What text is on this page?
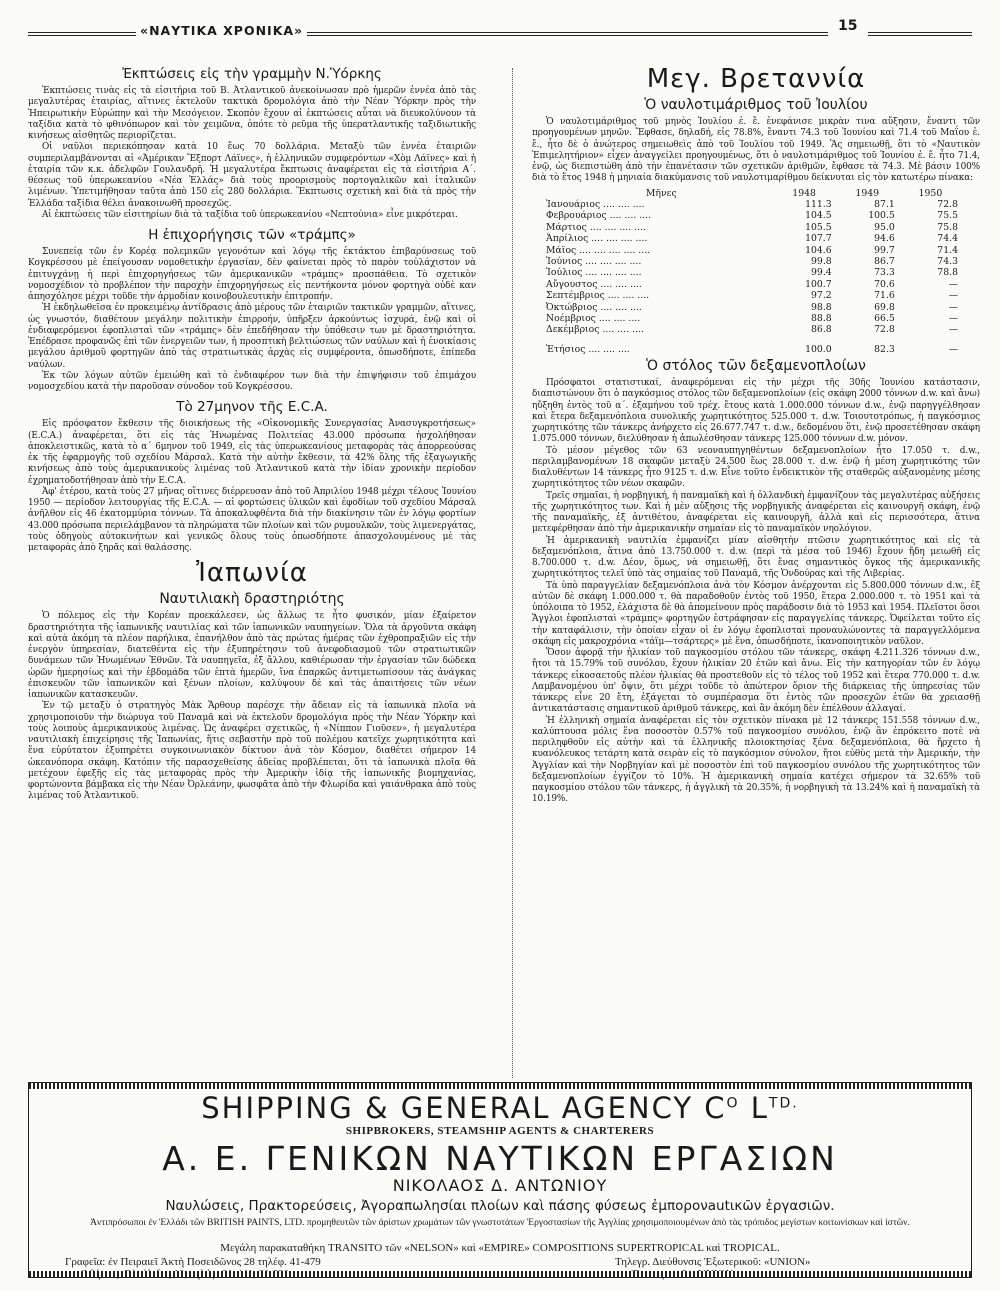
«ΝΑΥΤΙΚΑ ΧΡΟΝΙΚΑ»	15
Ἐκπτώσεις εἰς τὴν γραμμὴν Ν.Ὑόρκης

Ἐκπτώσεις τινὰς εἰς τὰ εἰσιτήρια τοῦ Β. Ἀτλαντικοῦ ἀνεκοίνωσαν πρὸ ἡμερῶν ἐννέα ἀπὸ τὰς μεγαλυτέρας ἑταιρίας, αἵτινες ἐκτελοῦν τακτικὰ δρομολόγια ἀπὸ τὴν Νέαν Ὑόρκην πρὸς τὴν Ἠπειρωτικὴν Εὐρώπην καὶ τὴν Μεσόγειον. Σκοπὸν ἔχουν αἱ ἐκπτώσεις αὗται νὰ διευκολύνουν τὰ ταξίδια κατὰ τὸ φθινόπωρον καὶ τὸν χειμῶνα, ὁπότε τὸ ρεῦμα τῆς ὑπερατλαντικῆς ταξιδιωτικῆς κινήσεως αἰσθητῶς περιορίζεται.

Οἱ ναῦλοι περιεκόπησαν κατὰ 10 ἕως 70 δολλάρια. Μεταξὺ τῶν ἐννέα ἑταιριῶν συμπεριλαμβάνονται αἱ «Ἀμέρικαν Ἔξπορτ Λάϊνες», ἡ ἑλληνικῶν συμφερόντων «Χὸμ Λάϊνες» καὶ ἡ ἑταιρία τῶν κ.κ. ἀδελφῶν Γουλανδρῆ. Ἡ μεγαλυτέρα ἔκπτωσις ἀναφέρεται εἰς τὰ εἰσιτήρια Α΄. θέσεως τοῦ ὑπερωκεανίου «Νέα Ἑλλάς» διὰ τοὺς προορισμοὺς πορτογαλικῶν καὶ ἰταλικῶν λιμένων. Ὑπετιμήθησαν ταῦτα ἀπὸ 150 εἰς 280 δολλάρια. Ἔκπτωσις σχετικὴ καὶ διὰ τὰ πρὸς τὴν Ἑλλάδα ταξίδια θέλει ἀνακοινωθῆ προσεχῶς.

Αἱ ἐκπτώσεις τῶν εἰσιτηρίων διὰ τὰ ταξίδια τοῦ ὑπερωκεανίου «Νεπτούνια» εἶνε μικρότεραι.

Η ἐπιχορήγησις τῶν «τράμπς»

Συνεπείᾳ τῶν ἐν Κορέᾳ πολεμικῶν γεγονότων καὶ λόγῳ τῆς ἐκτάκτου ἐπιβαρύνσεως τοῦ Κογκρέσσου μὲ ἐπείγουσαν νομοθετικὴν ἐργασίαν, δὲν φαίνεται πρὸς τὸ παρὸν τοὐλάχιστον νὰ ἐπιτυγχάνῃ ἡ περὶ ἐπιχορηγήσεως τῶν ἀμερικανικῶν «τράμπς» προσπάθεια. Τὸ σχετικὸν νομοσχέδιον τὸ προβλέπον τὴν παροχὴν ἐπιχορηγήσεως εἰς πεντήκοντα μόνον φορτηγὰ οὐδὲ καν ἀπησχόλησε μέχρι τοῦδε τὴν ἁρμοδίαν κοινοβουλευτικὴν ἐπιτροπήν.

Ἡ ἐκδηλωθεῖσα ἐν προκειμένῳ ἀντίδρασις ἀπὸ μέρους τῶν ἑταιριῶν τακτικῶν γραμμῶν, αἵτινες, ὡς γνωστόν, διαθέτουν μεγάλην πολιτικὴν ἐπιρροήν, ὑπῆρξεν ἀρκούντως ἰσχυρά, ἐνῷ καὶ οἱ ἐνδιαφερόμενοι ἐφοπλισταὶ τῶν «τράμπς» δὲν ἐπεδήθησαν τὴν ὑπόθεσιν των μὲ δραστηριότητα. Ἐπέδρασε προφανῶς ἐπὶ τῶν ἐνεργειῶν των, ἡ προσπτικὴ βελτιώσεως τῶν ναύλων καὶ ἡ ἐνοικίασις μεγάλου ἀριθμοῦ φορτηγῶν ἀπὸ τὰς στρατιωτικὰς ἀρχὰς εἰς συμφέροντα, ὁπωσδήποτε, ἐπίπεδα ναύλων.

Ἐκ τῶν λόγων αὐτῶν ἐμειώθη καὶ τὸ ἐνδιαφέρον των διὰ τὴν ἐπιψήφισιν τοῦ ἐπιμάχου νομοσχεδίου κατὰ τὴν παροῦσαν σύνοδον τοῦ Κογκρέσσου.

Τὸ 27μηνον τῆς E.C.A.

Εἰς πρόσφατον ἔκθεσιν τῆς διοικήσεως τῆς «Οἰκονομικῆς Συνεργασίας Ἀνασυγκροτήσεως» (E.C.A.) ἀναφέρεται, ὅτι εἰς τὰς Ἡνωμένας Πολιτείας 43.000 πρόσωπα ἠσχολήθησαν ἀποκλειστικῶς, κατὰ τὸ α΄ 6μηνον τοῦ 1949, εἰς τὰς ὑπερωκεανίους μεταφορὰς τὰς ἀπορρεούσας ἐκ τῆς ἐφαρμογῆς τοῦ σχεδίου Μάρσαλ. Κατὰ τὴν αὐτὴν ἔκθεσιν, τὰ 42% ὅλης τῆς ἐξαγωγικῆς κινήσεως ἀπὸ τοὺς ἀμερικανικοὺς λιμένας τοῦ Ἀτλαντικοῦ κατὰ τὴν ἰδίαν χρονικὴν περίοδον ἐχρηματοδοτήθησαν ἀπὸ τὴν E.C.A.

Ἀφ' ἑτέρου, κατὰ τοὺς 27 μῆνας οἵτινες διέρρευσαν ἀπὸ τοῦ Ἀπριλίου 1948 μέχρι τέλους Ἰουνίου 1950 — περίοδον λειτουργίας τῆς E.C.A. — αἱ φορτώσεις ὑλικῶν καὶ ἐφοδίων τοῦ σχεδίου Μάρσαλ ἀνῆλθον εἰς 46 ἑκατομμύρια τόννων. Τὰ ἀποκαλυφθέντα διὰ τὴν διακίνησιν τῶν ἐν λόγῳ φορτίων 43.000 πρόσωπα περιελάμβανον τὰ πληρώματα τῶν πλοίων καὶ τῶν ρυμουλκῶν, τοὺς λιμενεργάτας, τοὺς ὁδηγοὺς αὐτοκινήτων καὶ γενικῶς ὅλους τοὺς ὁπωσδήποτε ἀπασχολουμένους μὲ τὰς μεταφορὰς ἀπὸ ξηρᾶς καὶ θαλάσσης.

Ἰαπωνία
Ναυτιλιακὴ δραστηριότης

Ὁ πόλεμος εἰς τὴν Κορέαν προεκάλεσεν, ὡς ἄλλως τε ἦτο φυσικόν, μίαν ἐξαίρετον δραστηριότητα τῆς ἰαπωνικῆς ναυτιλίας καὶ τῶν ἰαπωνικῶν ναυπηγείων. Ὅλα τὰ ἀργοῦντα σκάφη καὶ αὐτὰ ἀκόμη τὰ πλέον παρήλικα, ἐπανήλθον ἀπὸ τὰς πρώτας ἡμέρας τῶν ἐχθροπραξιῶν εἰς τὴν ἐνεργὸν ὑπηρεσίαν, διατεθέντα εἰς τὴν ἐξυπηρέτησιν τοῦ ἀνεφοδιασμοῦ τῶν στρατιωτικῶν δυνάμεων τῶν Ἡνωμένων Ἐθνῶν. Τὰ ναυπηγεῖα, ἐξ ἄλλου, καθιέρωσαν τὴν ἐργασίαν τῶν δώδεκα ὡρῶν ἡμερησίως καὶ τὴν ἑβδομάδα τῶν ἑπτὰ ἡμερῶν, ἵνα ἐπαρκῶς ἀντιμετωπίσουν τὰς ἀνάγκας ἐπισκευῶν τῶν ἰαπωνικῶν καὶ ξένων πλοίων, καλύψουν δὲ καὶ τὰς ἀπαιτήσεις τῶν νέων ἰαπωνικῶν κατασκευῶν.

Ἐν τῷ μεταξὺ ὁ στρατηγὸς Μὰκ Ἄρθουρ παρέσχε τὴν ἄδειαν εἰς τὰ ἰαπωνικὰ πλοῖα νὰ χρησιμοποιοῦν τὴν διώρυγα τοῦ Παναμᾶ καὶ νὰ ἐκτελοῦν δρομολόγια πρὸς τὴν Νέαν Ὑόρκην καὶ τοὺς λοιποὺς ἀμερικανικοὺς λιμένας. Ὡς ἀναφέρει σχετικῶς, ἡ «Νίππον Γιοῦσεν», ἡ μεγαλυτέρα ναυτιλιακὴ ἐπιχείρησις τῆς Ἰαπωνίας, ἥτις σεβαστὴν πρὸ τοῦ πολέμου κατεῖχε χωρητικότητα καὶ ἕνα εὐρύτατον ἐξυπηρέτει συγκοινωνιακὸν δίκτυον ἀνὰ τὸν Κόσμον, διαθέτει σήμερον 14 ὠκεανόπορα σκάφη. Κατόπιν τῆς παρασχεθείσης ἀδείας προβλέπεται, ὅτι τὰ ἰαπωνικὰ πλοῖα θὰ μετέχουν ἐφεξῆς εἰς τὰς μεταφορὰς πρὸς τὴν Ἀμερικὴν ἰδίᾳ τῆς ἰαπωνικῆς βιομηχανίας, φορτώνοντα βάμβακα εἰς τὴν Νέαν Ὀρλεάνην, φωσφᾶτα ἀπὸ τὴν Φλωρίδα καὶ γαιάνθρακα ἀπὸ τοὺς λιμένας τοῦ Ἀτλαντικοῦ.

Μεγ. Βρεταννία
Ὁ ναυλοτιμάριθμος τοῦ Ἰουλίου

Ὁ ναυλοτιμάριθμος τοῦ μηνὸς Ἰουλίου ἐ. ἔ. ἐνεφάνισε μικρὰν τινα αὔξησιν, ἔναντι τῶν προηγουμένων μηνῶν. Ἔφθασε, δηλαδή, εἰς 78.8%, ἔναντι 74.3 τοῦ Ἰουνίου καὶ 71.4 τοῦ Μαΐου ἐ. ἔ., ἦτο δὲ ὁ ἀνώτερος σημειωθεὶς ἀπὸ τοῦ Ἰουλίου τοῦ 1949. Ἂς σημειωθῇ, ὅτι τὸ «Ναυτικὸν Ἐπιμελητήριον» εἶχεν ἀναγγείλει προηγουμένως, ὅτι ὁ ναυλοτιμάριθμος τοῦ Ἰουνίου ἐ. ἔ. ἦτο 71.4, ἐνῷ, ὡς διεπιστώθη ἀπὸ τὴν ἐπανέτασιν τῶν σχετικῶν ἀριθμῶν, ἔφθασε τὰ 74.3. Μὲ βάσιν 100% διὰ τὸ ἔτος 1948 ἡ μηνιαία διακύμανσις τοῦ ναυλοτιμαρίθμου δείκνυται εἰς τὸν κατωτέρω πίνακα:

Μῆνες	1948	1949	1950
Ἰανουάριος .... .... ....	111.3	87.1	72.8
Φεβρουάριος .... .... ....	104.5	100.5	75.5
Μάρτιος .... .... .... ....	105.5	95.0	75.8
Ἀπρίλιος .... .... .... ....	107.7	94.6	74.4
Μάϊος .... .... .... .... ....	104.6	99.7	71.4
Ἰούνιος .... .... .... ....	99.8	86.7	74.3
Ἰούλιος .... .... .... ....	99.4	73.3	78.8
Αὔγουστος .... .... ....	100.7	70.6	—
Σεπτέμβριος .... .... ....	97.2	71.6	—
Ὀκτώβριος .... .... ....	98.8	69.8	—
Νοέμβριος .... .... ....	88.8	66.5	—
Δεκέμβριος .... .... ....	86.8	72.8	—
Ἐτήσιος .... .... ....	100.0	82.3	—
Ὁ στόλος τῶν δεξαμενοπλοίων

Πρόσφατοι στατιστικαί, ἀναφερόμεναι εἰς τὴν μέχρι τῆς 30ῆς Ἰουνίου κατάστασιν, διαπιστώνουν ὅτι ὁ παγκόσμιος στόλος τῶν δεξαμενοπλοίων (εἰς σκάφη 2000 τόννων d.w. καὶ ἄνω) ηὔξηθη ἐντὸς τοῦ α΄. ἑξαμήνου τοῦ τρέχ. ἔτους κατὰ 1.000.000 τόννων d.w., ἐνῷ παρηγγέλθησαν καὶ ἕτερα δεξαμενόπλοια συνολικῆς χωρητικότητος 525.000 τ. d.w. Τοιουτοτρόπως, ἡ παγκόσμιος χωρητικότης τῶν τάνκερς ἀνήρχετο εἰς 26.677.747 τ. d.w., δεδομένου ὅτι, ἐνῷ προσετέθησαν σκάφη 1.075.000 τόννων, διελύθησαν ἡ ἀπωλέσθησαν τάνκερς 125.000 τόννων d.w. μόνον.

Τὸ μέσον μέγεθος τῶν 63 νεοναυπηγηθέντων δεξαμενοπλοίων ἦτο 17.050 τ. d.w., περιλαμβανομένων 18 σκαφῶν μεταξὺ 24.500 ἕως 28.000 τ. d.w. ἐνῷ ἡ μέση χωρητικότης τῶν διαλυθέντων 14 τάνκερς ἦτο 9125 τ. d.w. Εἶνε τοῦτο ἐνδεικτικὸν τῆς σταθερῶς αὐξανομένης μέσης χωρητικότητος τῶν νέων σκαφῶν.

Τρεῖς σημαῖαι, ἡ νορβηγική, ἡ παναμαϊκὴ καὶ ἡ ὀλλανδικὴ ἐμφανίζουν τὰς μεγαλυτέρας αὐξήσεις τῆς χωρητικότητος των. Καὶ ἡ μὲν αὔξησις τῆς νορβηγικῆς ἀναφέρεται εἰς καινουργῆ σκάφη, ἐνῷ τῆς παναμαϊκῆς, ἐξ ἀντιθέτου, ἀναφέρεται εἰς καινουργῆ, ἀλλὰ καὶ εἰς περισσότερα, ἅτινα μετεφέρθησαν ἀπὸ τὴν ἀμερικανικὴν σημαίαν εἰς τὸ παναμαϊκὸν νηολόγιον.

Ἡ ἀμερικανικὴ ναυτιλία ἐμφανίζει μίαν αἰσθητὴν πτῶσιν χωρητικότητος καὶ εἰς τὰ δεξαμενόπλοια, ἅτινα ἀπὸ 13.750.000 τ. d.w. (περὶ τὰ μέσα τοῦ 1946) ἔχουν ἤδη μειωθῆ εἰς 8.700.000 τ. d.w. Δέον, ὅμως, νὰ σημειωθῇ, ὅτι ἕνας σημαντικὸς ὄγκος τῆς ἀμερικανικῆς χωρητικότητος τελεῖ ὑπὸ τὰς σημαίας τοῦ Παναμᾶ, τῆς Ὁνδούρας καὶ τῆς Λιβερίας.

Τὰ ὑπὸ παραγγελίαν δεξαμενόπλοια ἀνὰ τὸν Κόσμον ἀνέρχονται εἰς 5.800.000 τόννων d.w., ἐξ αὐτῶν δὲ σκάφη 1.000.000 τ. θὰ παραδοθοῦν ἐντὸς τοῦ 1950, ἕτερα 2.000.000 τ. τὸ 1951 καὶ τὰ ὑπόλοιπα τὸ 1952, ἐλάχιστα δὲ θὰ ἀπομείνουν πρὸς παράδοσιν διὰ τὸ 1953 καὶ 1954. Πλεῖστοι ὅσοι Ἄγγλοι ἐφοπλισταὶ «τράμπς» φορτηγῶν ἐστράφησαν εἰς παραγγελίας τάνκερς. Ὀφείλεται τοῦτο εἰς τὴν καταφάλισιν, τὴν ὁποίαν εἶχαν οἱ ἐν λόγῳ ἐφοπλισταὶ προναυλώνοντες τὰ παραγγελλόμενα σκάφη εἰς μακροχρόνια «τάϊμ—τσάρτερς» μὲ ἕνα, ὁπωσδήποτε, ἱκανοποιητικὸν ναῦλον.

Ὅσον ἀφορᾷ τὴν ἡλικίαν τοῦ παγκοσμίου στόλου τῶν τάνκερς, σκάφη 4.211.326 τόννων d.w., ἤτοι τὰ 15.79% τοῦ συνόλου, ἔχουν ἡλικίαν 20 ἐτῶν καὶ ἄνω. Εἰς τὴν κατηγορίαν τῶν ἐν λόγῳ τάνκερς εἰκοσαετοῦς πλέον ἡλικίας θὰ προστεθοῦν εἰς τὸ τέλος τοῦ 1952 καὶ ἕτερα 770.000 τ. d.w. Λαμβανομένου ὑπ' ὄψιν, ὅτι μέχρι τοῦδε τὸ ἀπώτερον ὅριον τῆς διάρκειας τῆς ὑπηρεσίας τῶν τάνκερς εἶνε 20 ἔτη, ἐξάγεται τὸ συμπέρασμα ὅτι ἐντὸς τῶν προσεχῶν ἐτῶν θὰ χρειασθῇ ἀντικατάστασις σημαντικοῦ ἀριθμοῦ τάνκερς, καὶ ἂν ἀκόμη δὲν ἐπέλθουν ἀλλαγαί.

Ἡ ἑλληνικὴ σημαία ἀναφέρεται εἰς τὸν σχετικὸν πίνακα μὲ 12 τάνκερς 151.558 τόννων d.w., καλύπτουσα μόλις ἕνα ποσοστὸν 0.57% τοῦ παγκοσμίου συνόλου, ἐνῷ ἂν ἐπρόκειτο ποτὲ νὰ περιληφθοῦν εἰς αὐτὴν καὶ τὰ ἑλληνικῆς πλοιοκτησίας ξένα δεξαμενόπλοια, θὰ ἤρχετο ἡ κυανόλευκος τετάρτη κατὰ σειρὰν εἰς τὸ παγκόσμιον σύνολον, ἤτοι εὐθὺς μετὰ τὴν Ἀμερικήν, τὴν Ἀγγλίαν καὶ τὴν Νορβηγίαν καὶ μὲ ποσοστὸν ἐπὶ τοῦ παγκοσμίου συνόλου τῆς χωρητικότητος τῶν δεξαμενοπλοίων ἐγγίζον τὸ 10%. Ἡ ἀμερικανικὴ σημαία κατέχει σήμερον τὰ 32.65% τοῦ παγκοσμίου στόλου τῶν τάνκερς, ἡ ἀγγλικὴ τὰ 20.35%, ἡ νορβηγικὴ τὰ 13.24% καὶ ἡ παναμαϊκὴ τὰ 10.19%.

SHIPPING & GENERAL AGENCY $C^O$ $L^{TD.}$
SHIPBROKERS, STEAMSHIP AGENTS & CHARTERERS
Α. Ε. ΓΕΝΙΚΩΝ ΝΑΥΤΙΚΩΝ ΕΡΓΑΣΙΩΝ
ΝΙΚΟΛΑΟΣ Δ. ΑΝΤΩΝΙΟΥ
Ναυλώσεις, Πρακτορεύσεις, Ἀγοραπωλησίαι πλοίων καὶ πάσης φύσεως ἐμπορονautικῶν ἐργασιῶν.
Ἀντιπρόσωποι ἐν Ἑλλάδι τῶν BRITISH PAINTS, LTD. προμηθευτῶν τῶν ἀρίστων χρωμάτων τῶν γνωστοτάτων Ἐργοστασίων τῆς Ἀγγλίας χρησιμοποιουμένων ἀπὸ τὰς τρόπιδος μεγίστων κοιτωνίσκων καὶ ἱστῶν.
Μεγάλη παρακαταθήκη TRANSITO τῶν «NELSON» καὶ «EMPIRE» COMPOSITIONS SUPERTROPICAL καὶ TROPICAL.
Γραφεῖα: ἐν Πειραιεῖ Ἀκτὴ Ποσειδῶνος 28 τηλέφ. 41-479	Τηλεγρ. Διεύθυνσις Ἐξωτερικοῦ: «UNION»
